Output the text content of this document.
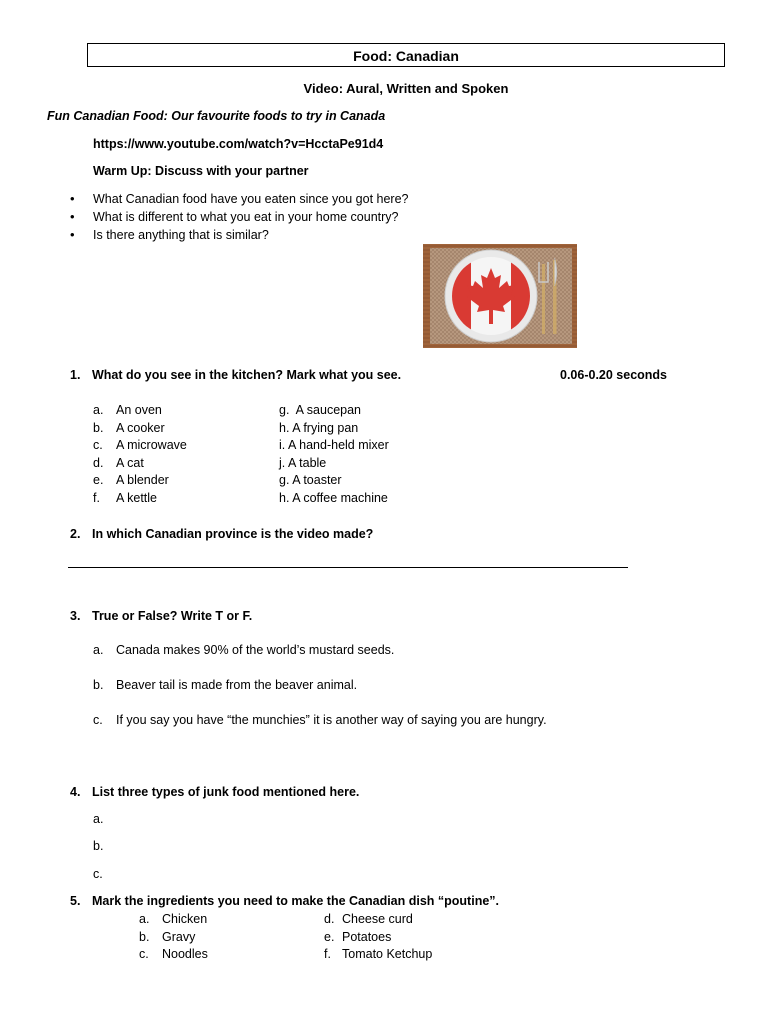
Food: Canadian
Video: Aural, Written and Spoken
Fun Canadian Food: Our favourite foods to try in Canada
https://www.youtube.com/watch?v=HcctaPe91d4
Warm Up: Discuss with your partner
• What Canadian food have you eaten since you got here?
• What is different to what you eat in your home country?
• Is there anything that is similar?
1. What do you see in the kitchen? Mark what you see.	0.06-0.20 seconds
a. An oven
b. A cooker
c. A microwave
d. A cat
e. A blender
f. A kettle
g.  A saucepan
h. A frying pan
i. A hand-held mixer
j. A table
g. A toaster
h. A coffee machine
2. In which Canadian province is the video made?
3. True or False? Write T or F.
a. Canada makes 90% of the world’s mustard seeds.
b. Beaver tail is made from the beaver animal.
c. If you say you have “the munchies” it is another way of saying you are hungry.
4. List three types of junk food mentioned here.
a.
b.
c.
5. Mark the ingredients you need to make the Canadian dish “poutine”.
a. Chicken
b. Gravy
c. Noodles
d. Cheese curd
e. Potatoes
f. Tomato Ketchup
